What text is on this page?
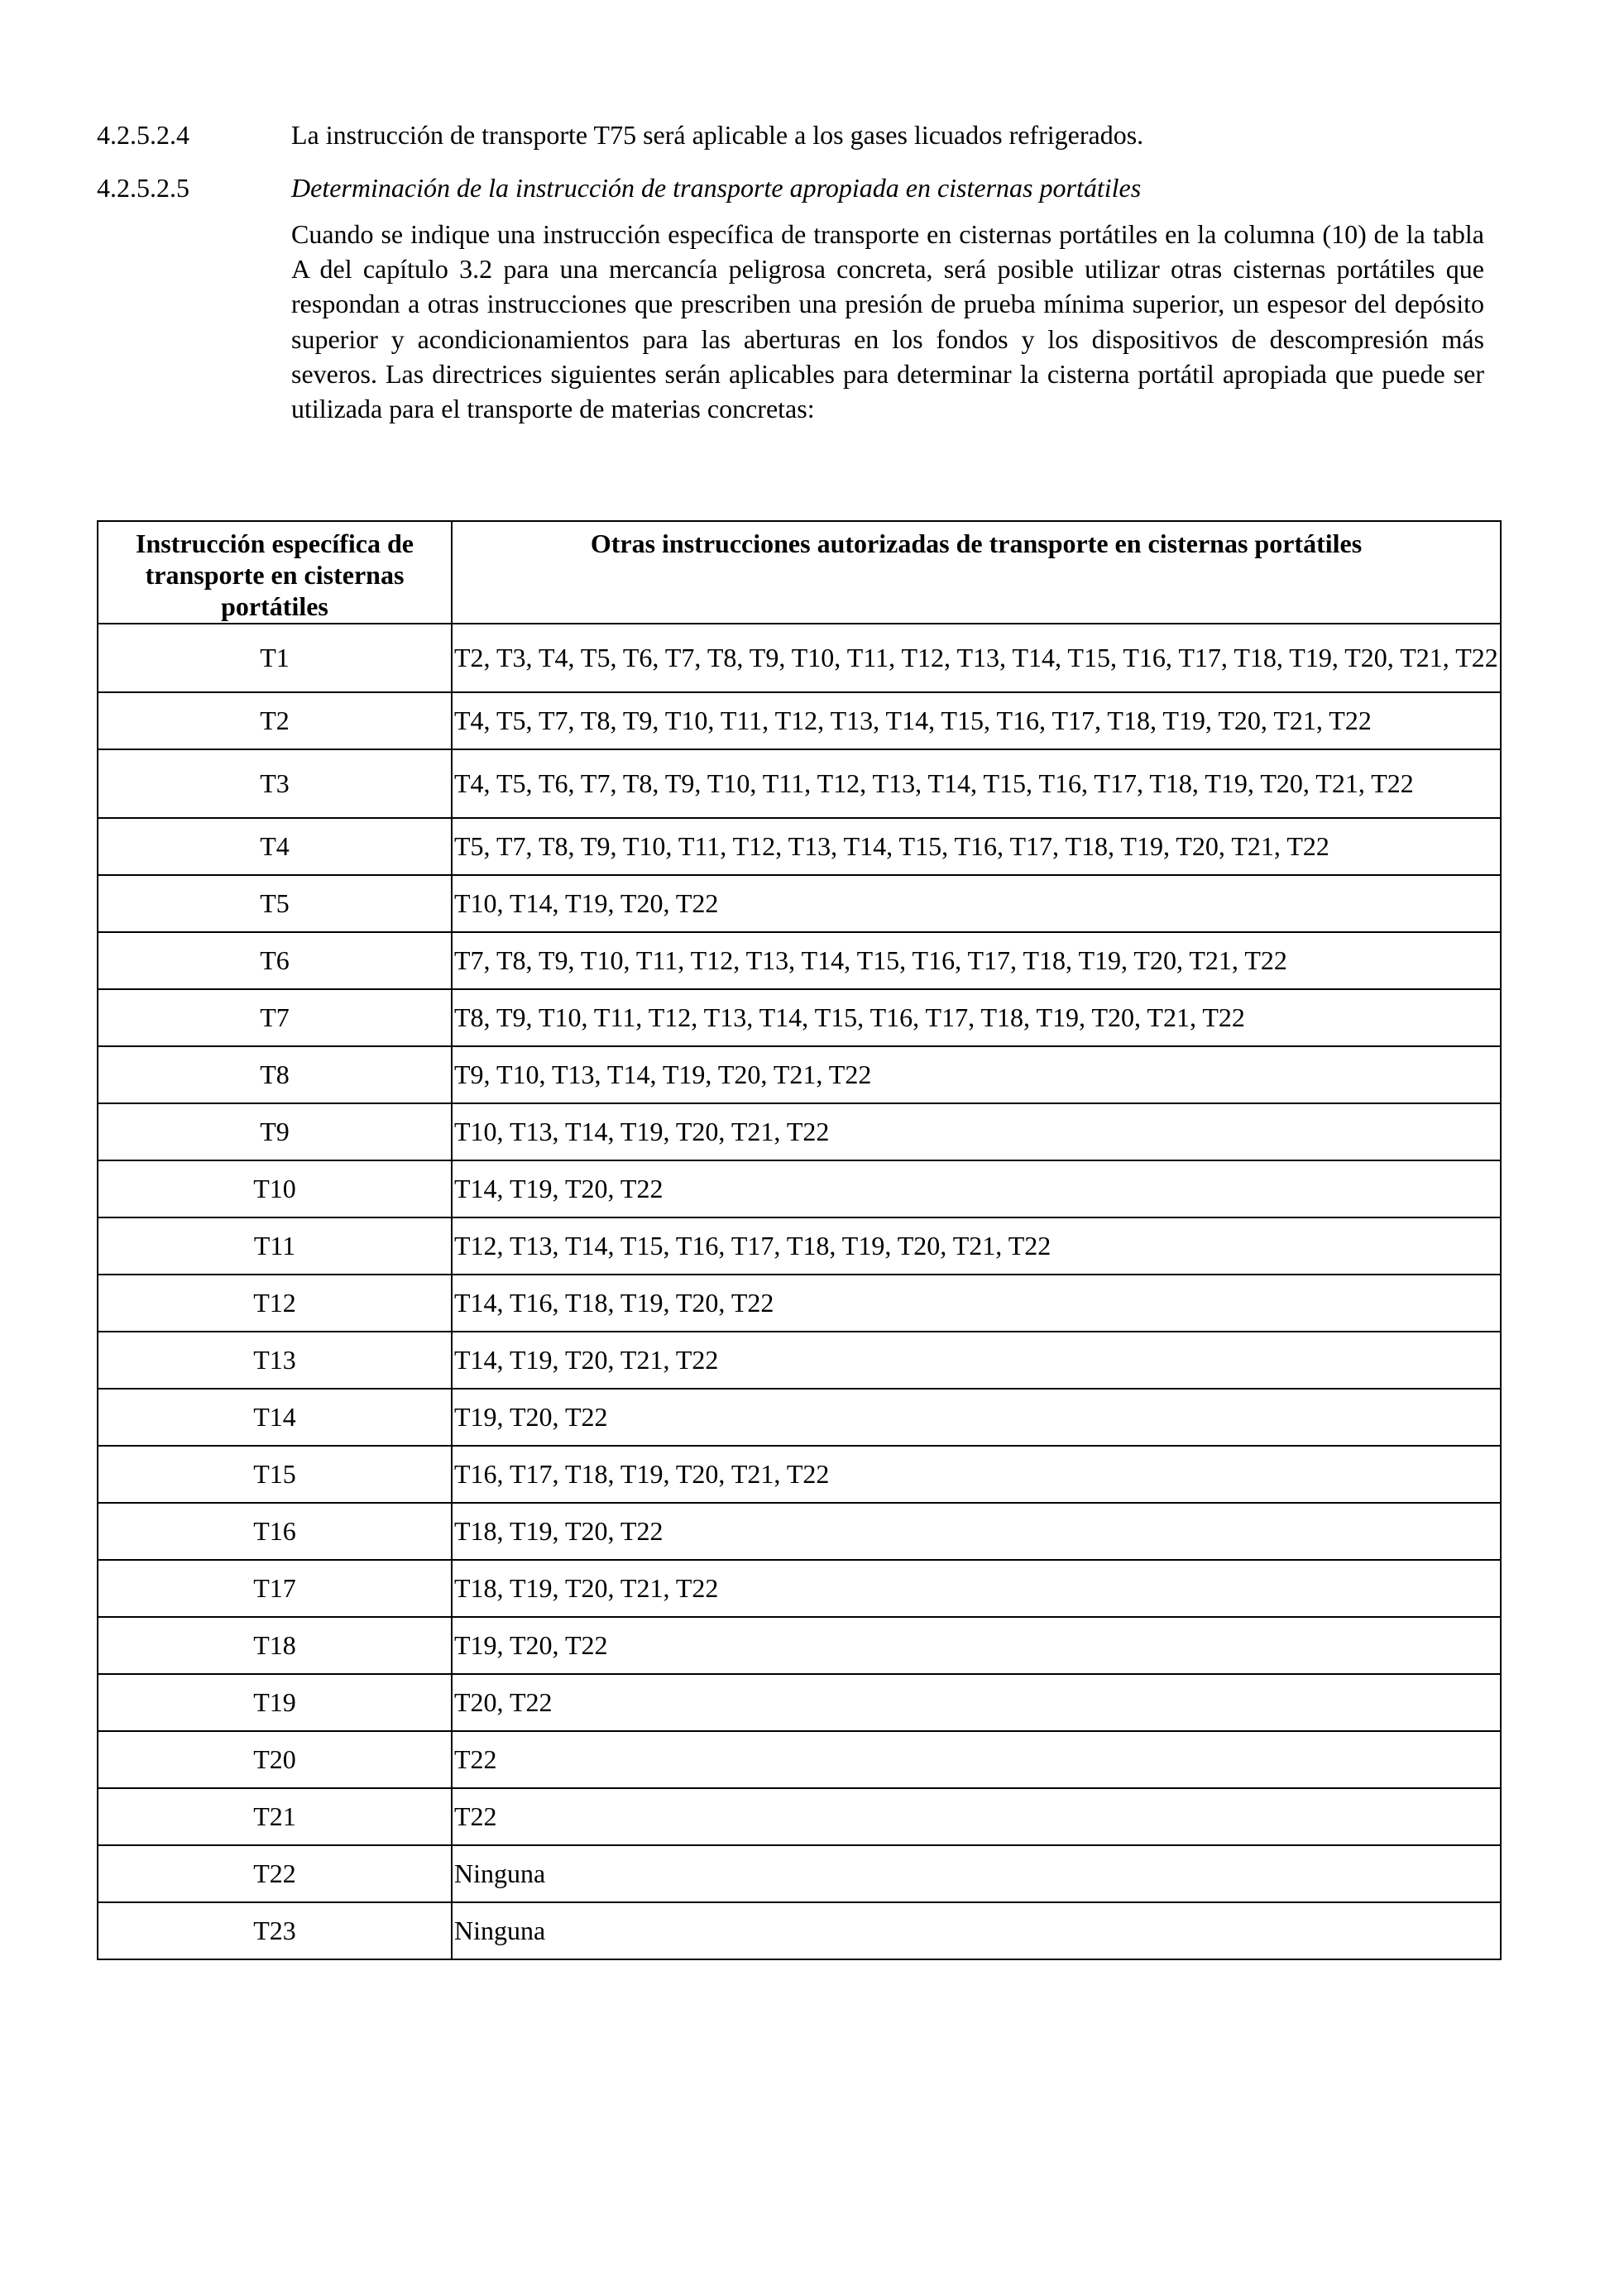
4.2.5.2.4	La instrucción de transporte T75 será aplicable a los gases licuados refrigerados.
4.2.5.2.5	Determinación de la instrucción de transporte apropiada en cisternas portátiles
Cuando se indique una instrucción específica de transporte en cisternas portátiles en la columna (10) de la tabla A del capítulo 3.2 para una mercancía peligrosa concreta, será posible utilizar otras cisternas portátiles que respondan a otras instrucciones que prescriben una presión de prueba mínima superior, un espesor del depósito superior y acondicionamientos para las aberturas en los fondos y los dispositivos de descompresión más severos. Las directrices siguientes serán aplicables para determinar la cisterna portátil apropiada que puede ser utilizada para el transporte de materias concretas:
Instrucción específica de transporte en cisternas portátiles	Otras instrucciones autorizadas de transporte en cisternas portátiles
T1	T2, T3, T4, T5, T6, T7, T8, T9, T10, T11, T12, T13, T14, T15, T16, T17, T18, T19, T20, T21, T22
T2	T4, T5, T7, T8, T9, T10, T11, T12, T13, T14, T15, T16, T17, T18, T19, T20, T21, T22
T3	T4, T5, T6, T7, T8, T9, T10, T11, T12, T13, T14, T15, T16, T17, T18, T19, T20, T21, T22
T4	T5, T7, T8, T9, T10, T11, T12, T13, T14, T15, T16, T17, T18, T19, T20, T21, T22
T5	T10, T14, T19, T20, T22
T6	T7, T8, T9, T10, T11, T12, T13, T14, T15, T16, T17, T18, T19, T20, T21, T22
T7	T8, T9, T10, T11, T12, T13, T14, T15, T16, T17, T18, T19, T20, T21, T22
T8	T9, T10, T13, T14, T19, T20, T21, T22
T9	T10, T13, T14, T19, T20, T21, T22
T10	T14, T19, T20, T22
T11	T12, T13, T14, T15, T16, T17, T18, T19, T20, T21, T22
T12	T14, T16, T18, T19, T20, T22
T13	T14, T19, T20, T21, T22
T14	T19, T20, T22
T15	T16, T17, T18, T19, T20, T21, T22
T16	T18, T19, T20, T22
T17	T18, T19, T20, T21, T22
T18	T19, T20, T22
T19	T20, T22
T20	T22
T21	T22
T22	Ninguna
T23	Ninguna
